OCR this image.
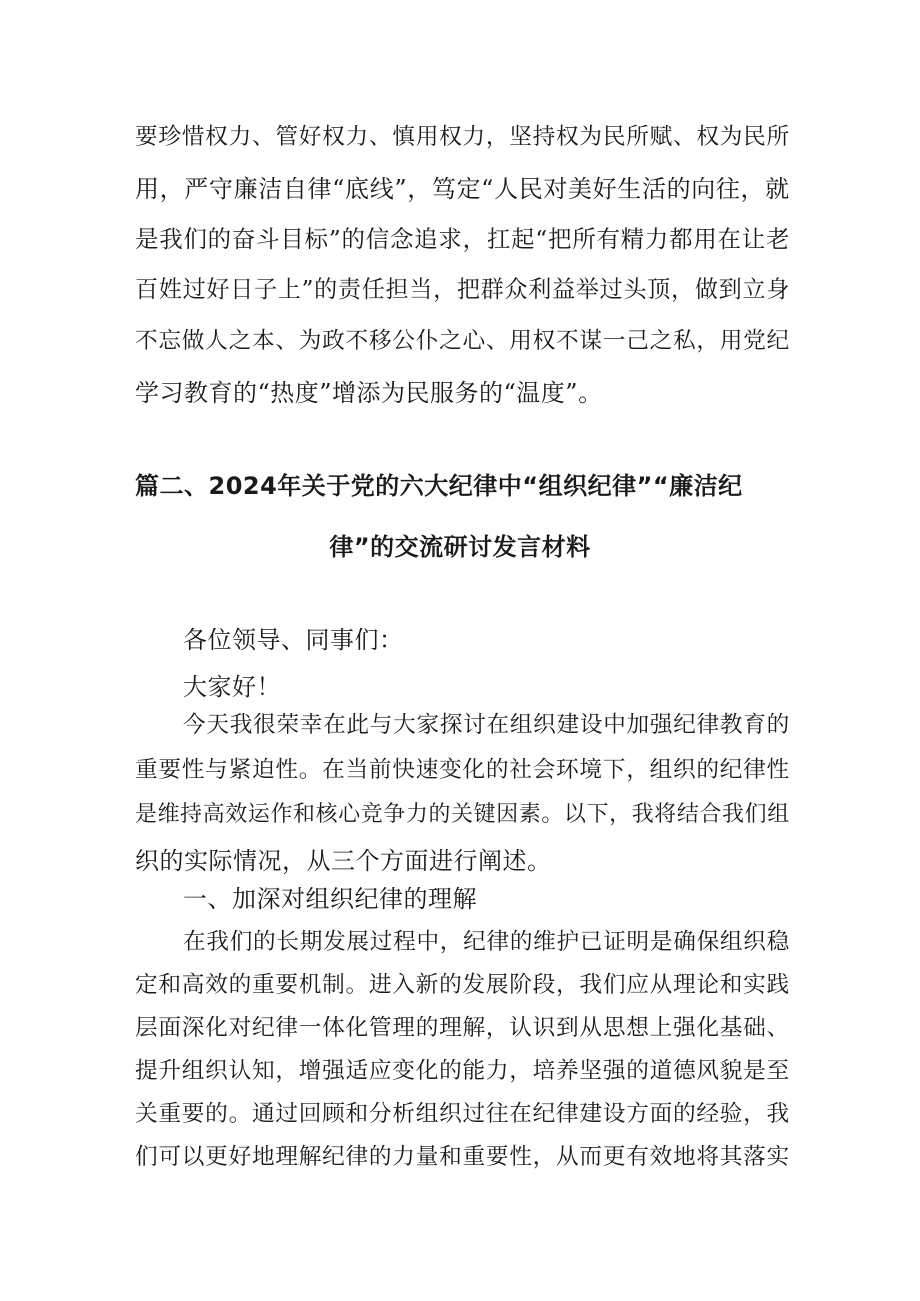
要 珍 惜 权 力 、 管 好 权 力 、 慎 用 权 力 ， 坚 持 权 为 民 所 赋 、 权 为 民 所

用 ， 严 守 廉 洁 自 律 “ 底 线 ” ， 笃 定 “ 人 民 对 美 好 生 活 的 向 往 ， 就

是 我 们 的 奋 斗 目 标 ” 的 信 念 追 求 ， 扛 起 “ 把 所 有 精 力 都 用 在 让 老

百 姓 过 好 日 子 上 ” 的 责 任 担 当 ， 把 群 众 利 益 举 过 头 顶 ， 做 到 立 身

不 忘 做 人 之 本 、 为 政 不 移 公 仆 之 心 、 用 权 不 谋 一 己 之 私 ， 用 党 纪

学习教育的“热度”增添为民服务的“温度”。

篇二、2024年关于党的六大纪律中“组织纪律”“廉洁纪
律”的交流研讨发言材料
各位领导、同事们：
大家好！

今 天 我 很 荣 幸 在 此 与 大 家 探 讨 在 组 织 建 设 中 加 强 纪 律 教 育 的

重 要 性 与 紧 迫 性 。 在 当 前 快 速 变 化 的 社 会 环 境 下 ， 组 织 的 纪 律 性

是 维 持 高 效 运 作 和 核 心 竞 争 力 的 关 键 因 素 。 以 下 ， 我 将 结 合 我 们 组

织的实际情况，从三个方面进行阐述。

一、加深对组织纪律的理解

在 我 们 的 长 期 发 展 过 程 中 ， 纪 律 的 维 护 已 证 明 是 确 保 组 织 稳

定 和 高 效 的 重 要 机 制 。 进 入 新 的 发 展 阶 段 ， 我 们 应 从 理 论 和 实 践

层 面 深 化 对 纪 律 一 体 化 管 理 的 理 解 ， 认 识 到 从 思 想 上 强 化 基 础 、

提 升 组 织 认 知 ， 增 强 适 应 变 化 的 能 力 ， 培 养 坚 强 的 道 德 风 貌 是 至

关 重 要 的 。 通 过 回 顾 和 分 析 组 织 过 往 在 纪 律 建 设 方 面 的 经 验 ， 我

们 可 以 更 好 地 理 解 纪 律 的 力 量 和 重 要 性 ， 从 而 更 有 效 地 将 其 落 实
